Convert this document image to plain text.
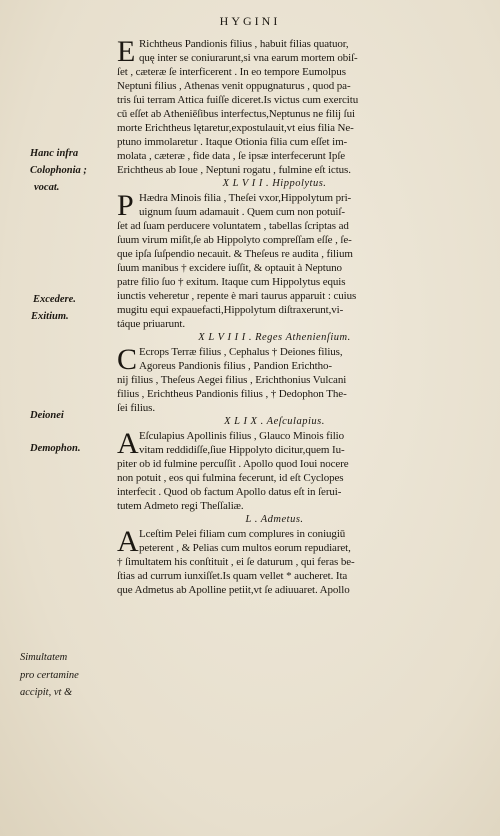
HYGINI
E Richtheus Pandionis filius , habuit filias quatuor,
quę inter se coniurarunt,si vna earum mortem obiſ-
ſet , cæteræ ſe interficerent . In eo tempore Eumolpus
Neptuni filius , Athenas venit oppugnaturus , quod pa-
tris ſui terram Attica fuiſſe diceret.Is victus cum exercitu
cū eſſet ab Atheniēſibus interfectus,Neptunus ne filij ſui
morte Erichtheus lętaretur,expostulauit,vt eius filia Ne-
ptuno immolaretur . Itaque Otionia filia cum eſſet im-
molata , cæteræ , fide data , ſe ipsæ interfecerunt Ipſe
Erichtheus ab Ioue , Neptuni rogatu , fulmine eſt ictus.
X L V I I . Hippolytus.
P Hædra Minois filia , Theſei vxor,Hippolytum pri-
uignum ſuum adamauit . Quem cum non potuiſ-
ſet ad ſuam perducere voluntatem , tabellas ſcriptas ad
ſuum virum miſit,ſe ab Hippolyto compreſſam eſſe , ſe-
que ipſa ſuſpendio necauit. & Theſeus re audita , filium
ſuum manibus † excidere iuſſit, & optauit à Neptuno
patre filio ſuo † exitum. Itaque cum Hippolytus equis
iunctis veheretur , repente è mari taurus apparuit : cuius
mugitu equi expauefacti,Hippolytum diſtraxerunt,vi-
táque priuarunt.
X L V I I I . Reges Athenienſium.
C Ecrops Terræ filius , Cephalus † Deiones filius,
Agoreus Pandionis filius , Pandion Erichtho-
nij filius , Theſeus Aegei filius , Erichthonius Vulcani
filius , Erichtheus Pandionis filius , † Dedophon The-
ſei filius.
X L I X . Aeſculapius.
A Eſculapius Apollinis filius , Glauco Minois filio
vitam reddidiſſe,ſiue Hippolyto dicitur,quem Iu-
piter ob id fulmine percuſſit . Apollo quod Ioui nocere
non potuit , eos qui fulmina fecerunt, id eſt Cyclopes
interfecit . Quod ob factum Apollo datus eſt in ſerui-
tutem Admeto regi Theſſaliæ.
L . Admetus.
A Lceſtim Pelei filiam cum complures in coniugiū
peterent , & Pelias cum multos eorum repudiaret,
† ſimultatem his conſtituit , ei ſe daturum , qui feras be-
ſtias ad currum iunxiſſet.Is quam vellet * aucheret. Ita
que Admetus ab Apolline petiit,vt ſe adiuuaret. Apollo
Hanc infra
Colophonia ;
vocat.
Excedere.
Exitium.
Deionei
Demophon.
Simultatem
pro certamine
accipit, vt &
